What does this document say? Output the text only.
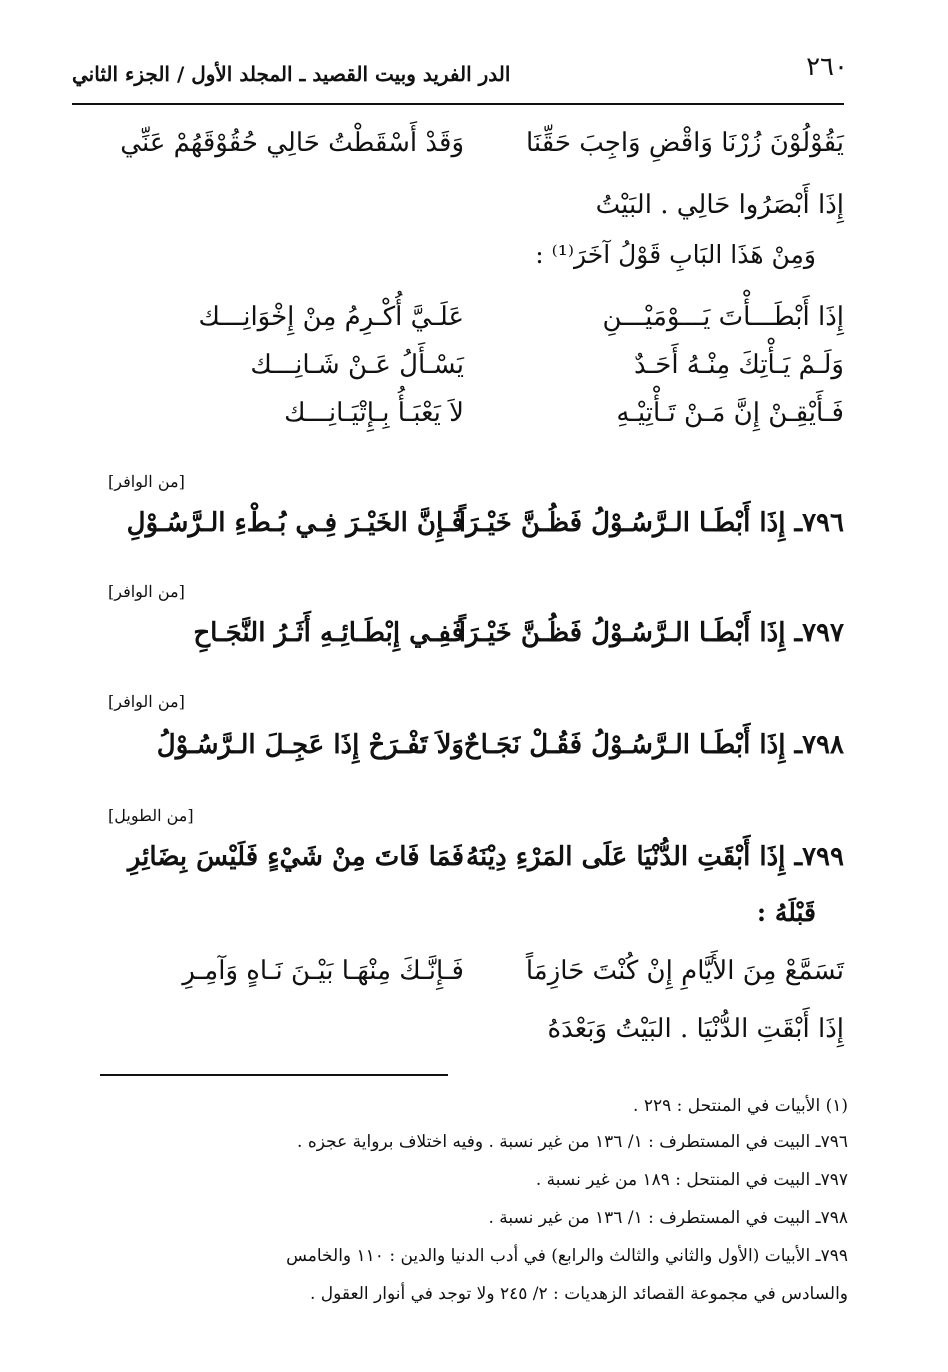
٢٦٠
الدر الفريد وبيت القصيد ـ المجلد الأول / الجزء الثاني
يَقُوْلُوْنَ زُرْنَا وَاقْضِ وَاجِبَ حَقِّنَا
وَقَدْ أَسْقَطْتُ حَالِي حُقُوْقَهُمْ عَنِّي
إِذَا أَبْصَرُوا حَالِي . البَيْتُ
وَمِنْ هَذَا البَابِ قَوْلُ آخَرَ⁽¹⁾ :
إِذَا أَبْطَـــأْتَ يَـــوْمَيْـــنِ
عَلَـيَّ أُكْـرِمُ مِنْ إِخْوَانِـــك
وَلَـمْ يَـأْتِكَ مِنْـهُ أَحَـدٌ
يَسْـأَلُ عَـنْ شَـانِـــك
فَـأَيْقِـنْ إِنَّ مَـنْ تَـأْتِيْـهِ
لاَ يَعْبَـأُ بِـإِتْيَـانِـــك
[من الوافر]
٧٩٦ـ إِذَا أَبْطَـا الـرَّسُـوْلُ فَظُـنَّ خَيْـرَاً
فَـإِنَّ الخَيْـرَ فِـي بُـطْءِ الـرَّسُـوْلِ
[من الوافر]
٧٩٧ـ إِذَا أَبْطَـا الـرَّسُـوْلُ فَظُـنَّ خَيْـرَاً
فَفِـي إِبْطَـائِـهِ أَثَـرُ النَّجَـاحِ
[من الوافر]
٧٩٨ـ إِذَا أَبْطَـا الـرَّسُـوْلُ فَقُـلْ نَجَـاحٌ
وَلاَ تَفْـرَحْ إِذَا عَجِـلَ الـرَّسُـوْلُ
[من الطويل]
٧٩٩ـ إِذَا أَبْقَتِ الدُّنْيَا عَلَى المَرْءِ دِيْنَهُ
فَمَا فَاتَ مِنْ شَيْءٍ فَلَيْسَ بِضَائِرِ
قَبْلَهُ :
تَسَمَّعْ مِنَ الأَيَّامِ إِنْ كُنْتَ حَازِمَاً
فَـإِنَّـكَ مِنْهَـا بَيْـنَ نَـاهٍ وَآمِـرِ
إِذَا أَبْقَتِ الدُّنْيَا . البَيْتُ وَبَعْدَهُ
(١) الأبيات في المنتحل : ٢٢٩ .
٧٩٦ـ البيت في المستطرف : ١/ ١٣٦ من غير نسبة . وفيه اختلاف برواية عجزه .
٧٩٧ـ البيت في المنتحل : ١٨٩ من غير نسبة .
٧٩٨ـ البيت في المستطرف : ١/ ١٣٦ من غير نسبة .
٧٩٩ـ الأبيات (الأول والثاني والثالث والرابع) في أدب الدنيا والدين : ١١٠ والخامس
والسادس في مجموعة القصائد الزهديات : ٢/ ٢٤٥ ولا توجد في أنوار العقول .
